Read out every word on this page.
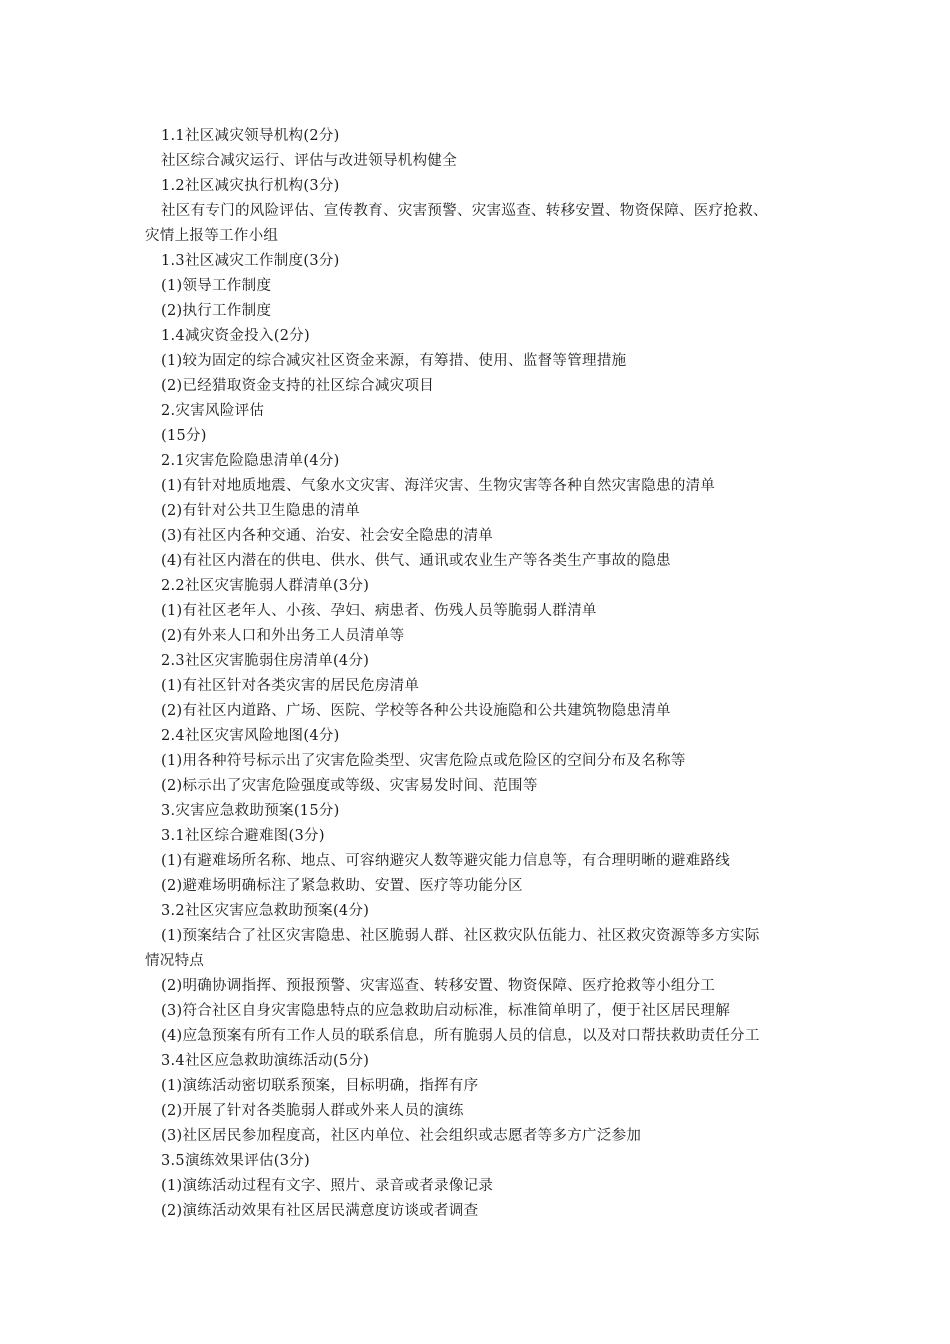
1.1社区减灾领导机构(2分)
社区综合减灾运行、评估与改进领导机构健全
1.2社区减灾执行机构(3分)
社区有专门的风险评估、宣传教育、灾害预警、灾害巡查、转移安置、物资保障、医疗抢救、
灾情上报等工作小组
1.3社区减灾工作制度(3分)
(1)领导工作制度
(2)执行工作制度
1.4减灾资金投入(2分)
(1)较为固定的综合减灾社区资金来源，有筹措、使用、监督等管理措施
(2)已经猎取资金支持的社区综合减灾项目
2.灾害风险评估
(15分)
2.1灾害危险隐患清单(4分)
(1)有针对地质地震、气象水文灾害、海洋灾害、生物灾害等各种自然灾害隐患的清单
(2)有针对公共卫生隐患的清单
(3)有社区内各种交通、治安、社会安全隐患的清单
(4)有社区内潜在的供电、供水、供气、通讯或农业生产等各类生产事故的隐患
2.2社区灾害脆弱人群清单(3分)
(1)有社区老年人、小孩、孕妇、病患者、伤残人员等脆弱人群清单
(2)有外来人口和外出务工人员清单等
2.3社区灾害脆弱住房清单(4分)
(1)有社区针对各类灾害的居民危房清单
(2)有社区内道路、广场、医院、学校等各种公共设施隐和公共建筑物隐患清单
2.4社区灾害风险地图(4分)
(1)用各种符号标示出了灾害危险类型、灾害危险点或危险区的空间分布及名称等
(2)标示出了灾害危险强度或等级、灾害易发时间、范围等
3.灾害应急救助预案(15分)
3.1社区综合避难图(3分)
(1)有避难场所名称、地点、可容纳避灾人数等避灾能力信息等，有合理明晰的避难路线
(2)避难场明确标注了紧急救助、安置、医疗等功能分区
3.2社区灾害应急救助预案(4分)
(1)预案结合了社区灾害隐患、社区脆弱人群、社区救灾队伍能力、社区救灾资源等多方实际
情况特点
(2)明确协调指挥、预报预警、灾害巡查、转移安置、物资保障、医疗抢救等小组分工
(3)符合社区自身灾害隐患特点的应急救助启动标准，标准简单明了，便于社区居民理解
(4)应急预案有所有工作人员的联系信息，所有脆弱人员的信息，以及对口帮扶救助责任分工
3.4社区应急救助演练活动(5分)
(1)演练活动密切联系预案，目标明确，指挥有序
(2)开展了针对各类脆弱人群或外来人员的演练
(3)社区居民参加程度高，社区内单位、社会组织或志愿者等多方广泛参加
3.5演练效果评估(3分)
(1)演练活动过程有文字、照片、录音或者录像记录
(2)演练活动效果有社区居民满意度访谈或者调查
